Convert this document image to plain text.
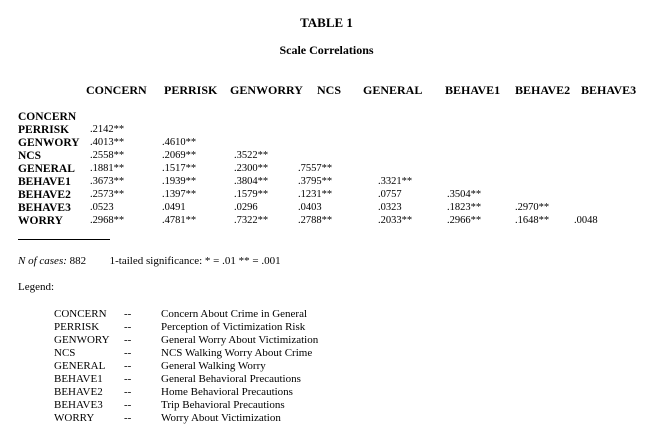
TABLE 1
Scale Correlations
CONCERN PERRISK GENWORRY NCS GENERAL BEHAVE1 BEHAVE2 BEHAVE3
CONCERN
PERRISK .2142**
GENWORY .4013**	.4610**
NCS	.2558**	.2069**	.3522**
GENERAL .1881**	.1517**	.2300**	.7557**
BEHAVE1 .3673**	.1939**	.3804**	.3795**	.3321**
BEHAVE2 .2573**	.1397**	.1579**	.1231**	.0757	.3504**
BEHAVE3 .0523	.0491	.0296	.0403	.0323	.1823**	.2970**
WORRY	.2968**	.4781**	.7322**	.2788**	.2033**	.2966**	.1648** .0048
N of cases: 882 1-tailed significance: * = .01 ** = .001
Legend:
CONCERN --	Concern About Crime in General
PERRISK --	Perception of Victimization Risk
GENWORY --	General Worry About Victimization
NCS	--	NCS Walking Worry About Crime
GENERAL --	General Walking Worry
BEHAVE1 --	General Behavioral Precautions
BEHAVE2 --	Home Behavioral Precautions
BEHAVE3 --	Trip Behavioral Precautions
WORRY	--	Worry About Victimization
